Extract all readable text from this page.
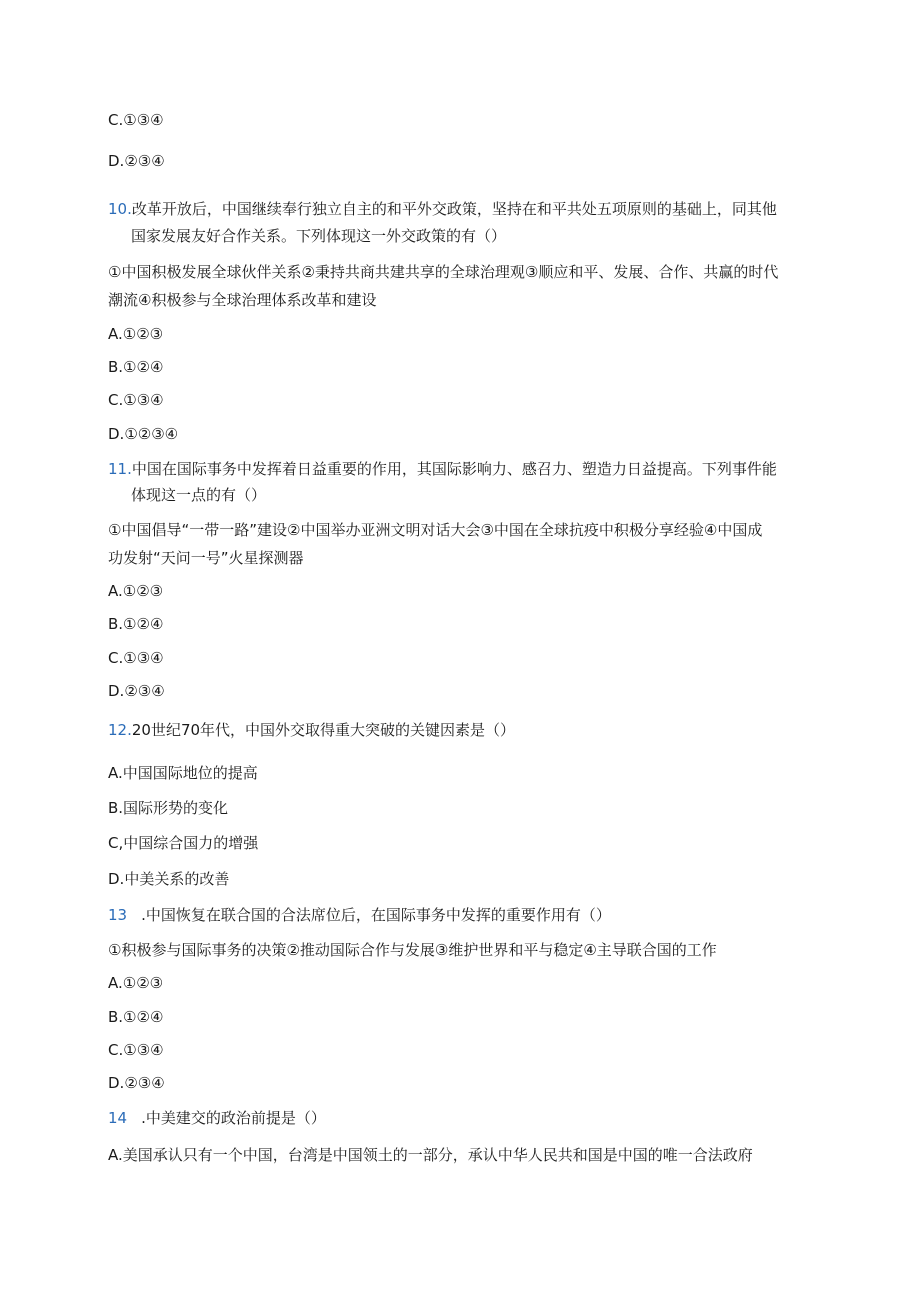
C.①③④
D.②③④
10.改革开放后，中国继续奉行独立自主的和平外交政策，坚持在和平共处五项原则的基础上，同其他
国家发展友好合作关系。下列体现这一外交政策的有（）
①中国积极发展全球伙伴关系②秉持共商共建共享的全球治理观③顺应和平、发展、合作、共赢的时代
潮流④积极参与全球治理体系改革和建设
A.①②③
B.①②④
C.①③④
D.①②③④
11.中国在国际事务中发挥着日益重要的作用，其国际影响力、感召力、塑造力日益提高。下列事件能
体现这一点的有（）
①中国倡导“一带一路”建设②中国举办亚洲文明对话大会③中国在全球抗疫中积极分享经验④中国成
功发射“天问一号”火星探测器
A.①②③
B.①②④
C.①③④
D.②③④
12.20世纪70年代，中国外交取得重大突破的关键因素是（）
A.中国国际地位的提高
B.国际形势的变化
C,中国综合国力的增强
D.中美关系的改善
13 .中国恢复在联合国的合法席位后，在国际事务中发挥的重要作用有（）
①积极参与国际事务的决策②推动国际合作与发展③维护世界和平与稳定④主导联合国的工作
A.①②③
B.①②④
C.①③④
D.②③④
14 .中美建交的政治前提是（）
A.美国承认只有一个中国，台湾是中国领土的一部分，承认中华人民共和国是中国的唯一合法政府
